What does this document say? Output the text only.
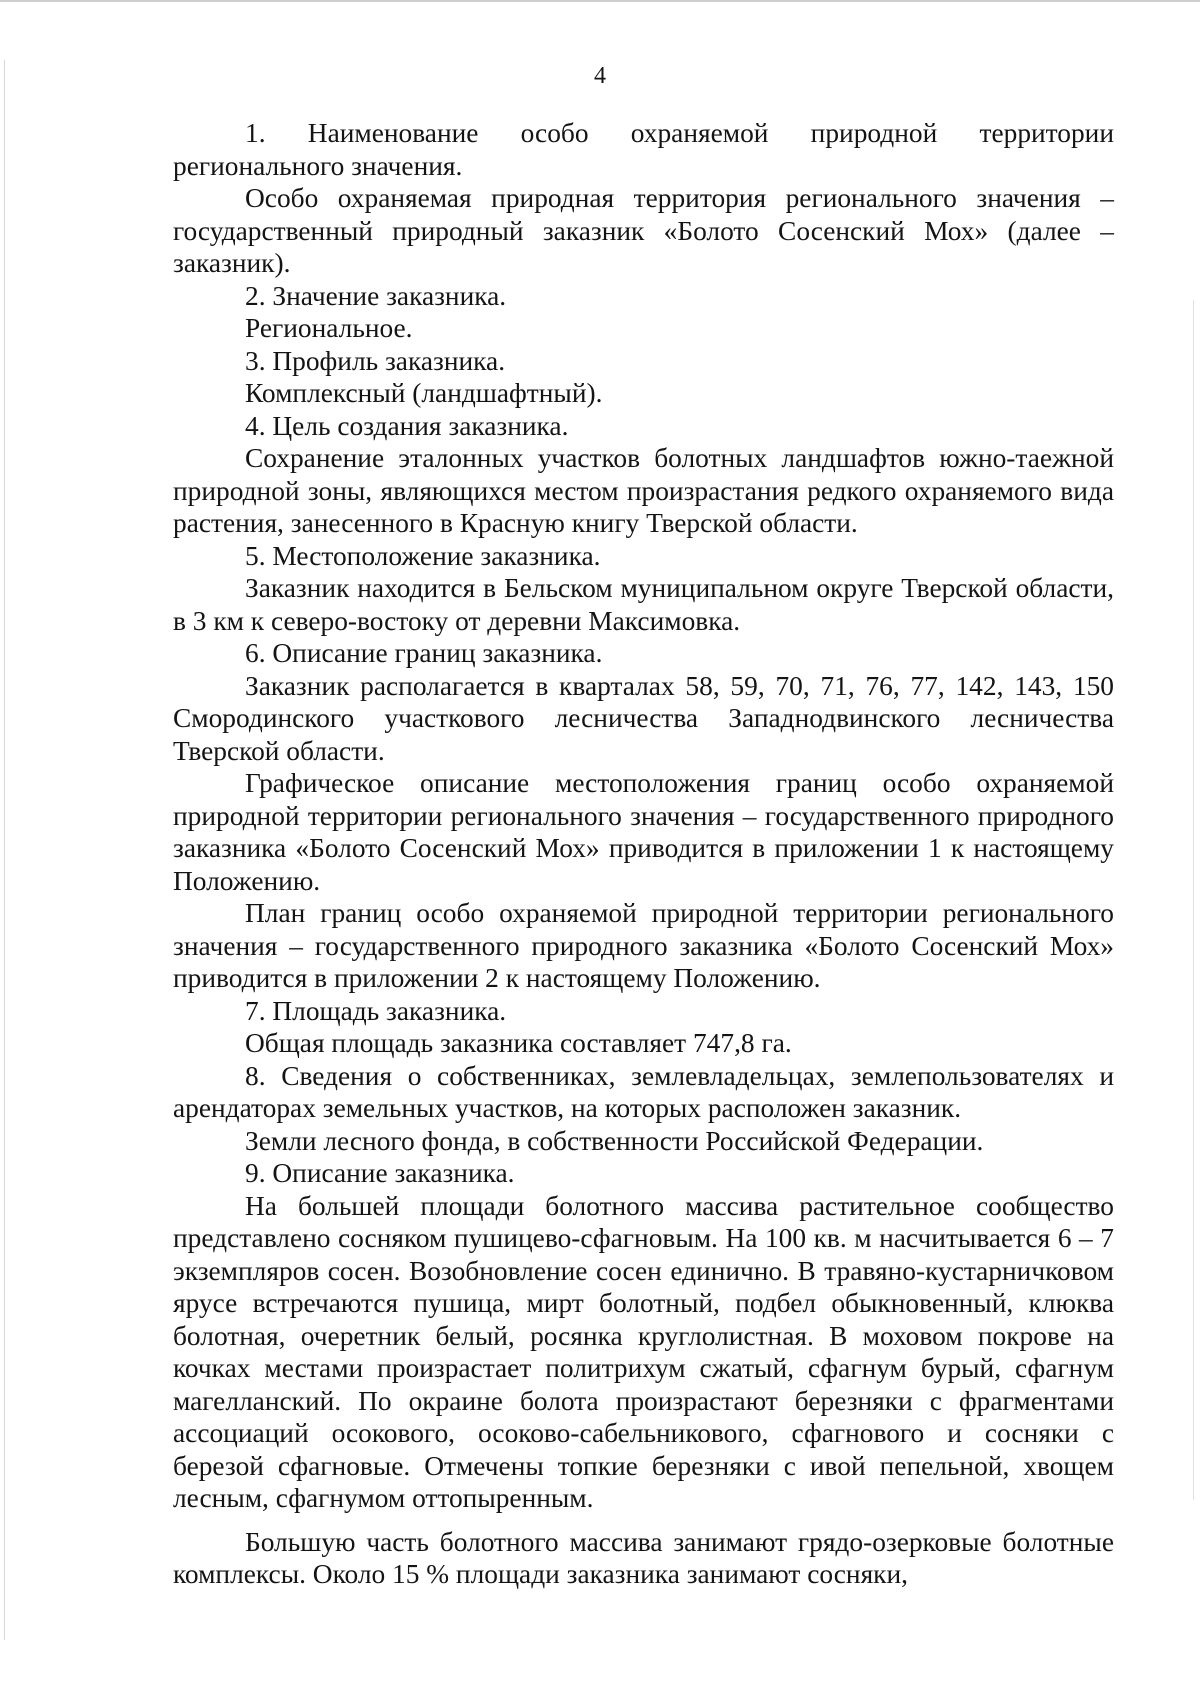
4

1. Наименование особо охраняемой природной территории регионального значения.

Особо охраняемая природная территория регионального значения – государственный природный заказник «Болото Сосенский Мох» (далее – заказник).

2. Значение заказника.

Региональное.

3. Профиль заказника.

Комплексный (ландшафтный).

4. Цель создания заказника.

Сохранение эталонных участков болотных ландшафтов южно-таежной природной зоны, являющихся местом произрастания редкого охраняемого вида растения, занесенного в Красную книгу Тверской области.

5. Местоположение заказника.

Заказник находится в Бельском муниципальном округе Тверской области, в 3 км к северо-востоку от деревни Максимовка.

6. Описание границ заказника.

Заказник располагается в кварталах 58, 59, 70, 71, 76, 77, 142, 143, 150 Смородинского участкового лесничества Западнодвинского лесничества Тверской области.

Графическое описание местоположения границ особо охраняемой природной территории регионального значения – государственного природного заказника «Болото Сосенский Мох» приводится в приложении 1 к настоящему Положению.

План границ особо охраняемой природной территории регионального значения – государственного природного заказника «Болото Сосенский Мох» приводится в приложении 2 к настоящему Положению.

7. Площадь заказника.

Общая площадь заказника составляет 747,8 га.

8. Сведения о собственниках, землевладельцах, землепользователях и арендаторах земельных участков, на которых расположен заказник.

Земли лесного фонда, в собственности Российской Федерации.

9. Описание заказника.

На большей площади болотного массива растительное сообщество представлено сосняком пушицево-сфагновым. На 100 кв. м насчитывается 6 – 7 экземпляров сосен. Возобновление сосен единично. В травяно-кустарничковом ярусе встречаются пушица, мирт болотный, подбел обыкновенный, клюква болотная, очеретник белый, росянка круглолистная. В моховом покрове на кочках местами произрастает политрихум сжатый, сфагнум бурый, сфагнум магелланский. По окраине болота произрастают березняки с фрагментами ассоциаций осокового, осоково-сабельникового, сфагнового и сосняки с березой сфагновые. Отмечены топкие березняки с ивой пепельной, хвощем лесным, сфагнумом оттопыренным.

Большую часть болотного массива занимают грядо-озерковые болотные комплексы. Около 15 % площади заказника занимают сосняки,
